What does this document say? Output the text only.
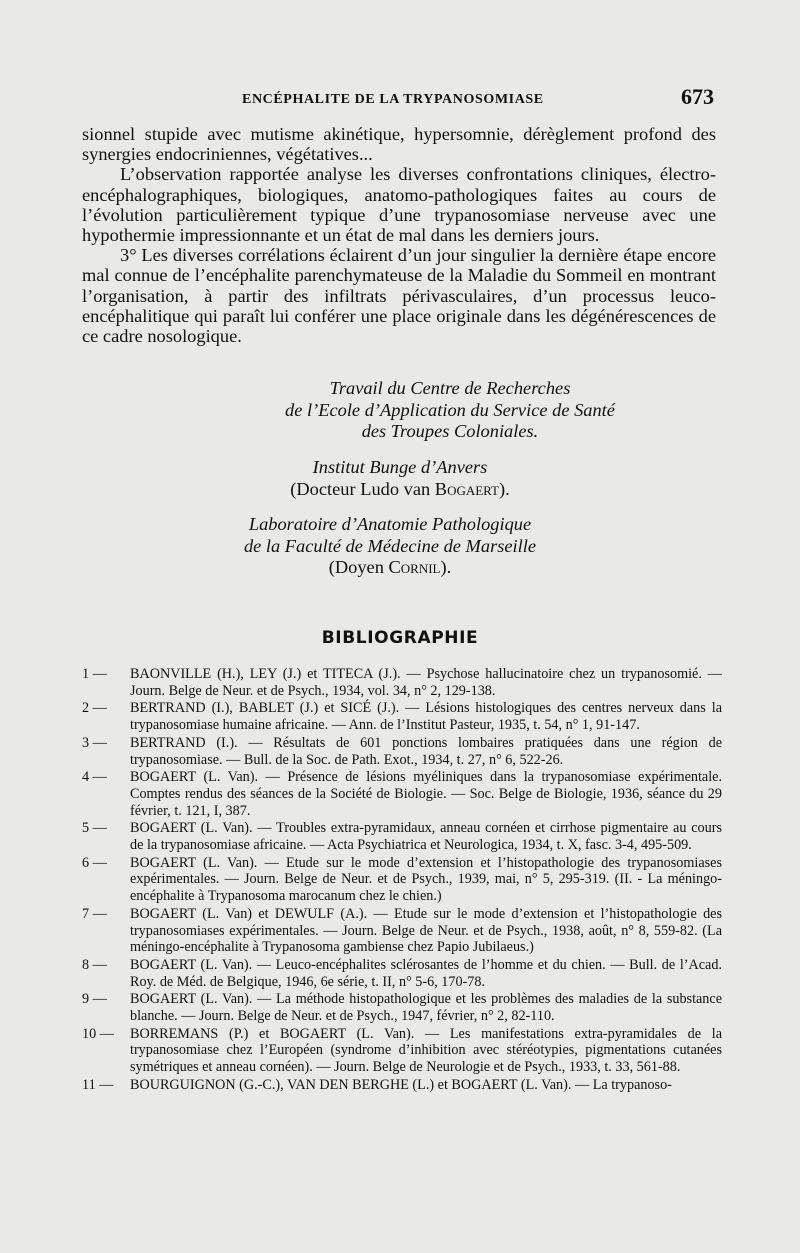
ENCÉPHALITE DE LA TRYPANOSOMIASE	673

sionnel stupide avec mutisme akinétique, hypersomnie, dérèglement profond des synergies endocriniennes, végétatives...

L’observation rapportée analyse les diverses confrontations cliniques, électro-encéphalographiques, biologiques, anatomo-pathologiques faites au cours de l’évolution particulièrement typique d’une trypanosomiase nerveuse avec une hypothermie impressionnante et un état de mal dans les derniers jours.

3° Les diverses corrélations éclairent d’un jour singulier la dernière étape encore mal connue de l’encéphalite parenchymateuse de la Maladie du Sommeil en montrant l’organisation, à partir des infiltrats périvasculaires, d’un processus leuco-encéphalitique qui paraît lui conférer une place originale dans les dégénérescences de ce cadre nosologique.

Travail du Centre de Recherches
de l’Ecole d’Application du Service de Santé
des Troupes Coloniales.
Institut Bunge d’Anvers
(Docteur Ludo van Bogaert).
Laboratoire d’Anatomie Pathologique
de la Faculté de Médecine de Marseille
(Doyen Cornil).
BIBLIOGRAPHIE
1 —	BAONVILLE (H.), LEY (J.) et TITECA (J.). — Psychose hallucinatoire chez un trypanosomié. — Journ. Belge de Neur. et de Psych., 1934, vol. 34, n° 2, 129-138.
2 —	BERTRAND (I.), BABLET (J.) et SICÉ (J.). — Lésions histologiques des centres nerveux dans la trypanosomiase humaine africaine. — Ann. de l’Institut Pasteur, 1935, t. 54, n° 1, 91-147.
3 —	BERTRAND (I.). — Résultats de 601 ponctions lombaires pratiquées dans une région de trypanosomiase. — Bull. de la Soc. de Path. Exot., 1934, t. 27, n° 6, 522-26.
4 —	BOGAERT (L. Van). — Présence de lésions myéliniques dans la trypanosomiase expérimentale. Comptes rendus des séances de la Société de Biologie. — Soc. Belge de Biologie, 1936, séance du 29 février, t. 121, I, 387.
5 —	BOGAERT (L. Van). — Troubles extra-pyramidaux, anneau cornéen et cirrhose pigmentaire au cours de la trypanosomiase africaine. — Acta Psychiatrica et Neurologica, 1934, t. X, fasc. 3-4, 495-509.
6 —	BOGAERT (L. Van). — Etude sur le mode d’extension et l’histopathologie des trypanosomiases expérimentales. — Journ. Belge de Neur. et de Psych., 1939, mai, n° 5, 295-319. (II. - La méningo-encéphalite à Trypanosoma marocanum chez le chien.)
7 —	BOGAERT (L. Van) et DEWULF (A.). — Etude sur le mode d’extension et l’histopathologie des trypanosomiases expérimentales. — Journ. Belge de Neur. et de Psych., 1938, août, n° 8, 559-82. (La méningo-encéphalite à Trypanosoma gambiense chez Papio Jubilaeus.)
8 —	BOGAERT (L. Van). — Leuco-encéphalites sclérosantes de l’homme et du chien. — Bull. de l’Acad. Roy. de Méd. de Belgique, 1946, 6e série, t. II, n° 5-6, 170-78.
9 —	BOGAERT (L. Van). — La méthode histopathologique et les problèmes des maladies de la substance blanche. — Journ. Belge de Neur. et de Psych., 1947, février, n° 2, 82-110.
10 —	BORREMANS (P.) et BOGAERT (L. Van). — Les manifestations extra-pyramidales de la trypanosomiase chez l’Européen (syndrome d’inhibition avec stéréotypies, pigmentations cutanées symétriques et anneau cornéen). — Journ. Belge de Neurologie et de Psych., 1933, t. 33, 561-88.
11 —	BOURGUIGNON (G.-C.), VAN DEN BERGHE (L.) et BOGAERT (L. Van). — La trypanoso-
